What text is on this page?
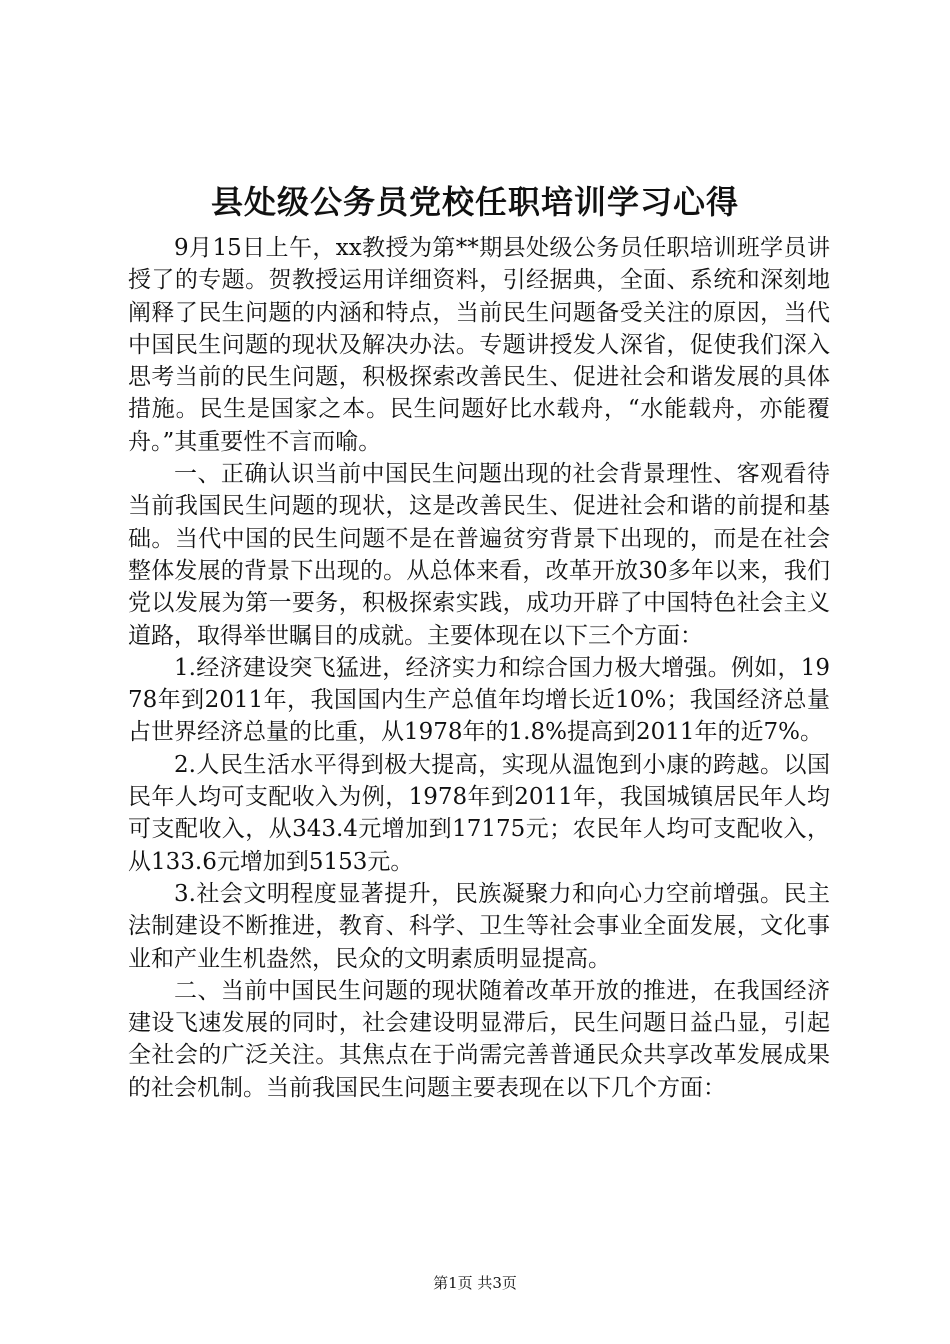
县处级公务员党校任职培训学习心得

9月15日上午，xx教授为第**期县处级公务员任职培训班学员讲授了的专题。贺教授运用详细资料，引经据典，全面、系统和深刻地阐释了民生问题的内涵和特点，当前民生问题备受关注的原因，当代中国民生问题的现状及解决办法。专题讲授发人深省，促使我们深入思考当前的民生问题，积极探索改善民生、促进社会和谐发展的具体措施。民生是国家之本。民生问题好比水载舟，“水能载舟，亦能覆舟。”其重要性不言而喻。

一、正确认识当前中国民生问题出现的社会背景理性、客观看待当前我国民生问题的现状，这是改善民生、促进社会和谐的前提和基础。当代中国的民生问题不是在普遍贫穷背景下出现的，而是在社会整体发展的背景下出现的。从总体来看，改革开放30多年以来，我们党以发展为第一要务，积极探索实践，成功开辟了中国特色社会主义道路，取得举世瞩目的成就。主要体现在以下三个方面：

1.经济建设突飞猛进，经济实力和综合国力极大增强。例如，1978年到2011年，我国国内生产总值年均增长近10%；我国经济总量占世界经济总量的比重，从1978年的1.8%提高到2011年的近7%。

2.人民生活水平得到极大提高，实现从温饱到小康的跨越。以国民年人均可支配收入为例，1978年到2011年，我国城镇居民年人均可支配收入，从343.4元增加到17175元；农民年人均可支配收入，从133.6元增加到5153元。

3.社会文明程度显著提升，民族凝聚力和向心力空前增强。民主法制建设不断推进，教育、科学、卫生等社会事业全面发展，文化事业和产业生机盎然，民众的文明素质明显提高。

二、当前中国民生问题的现状随着改革开放的推进，在我国经济建设飞速发展的同时，社会建设明显滞后，民生问题日益凸显，引起全社会的广泛关注。其焦点在于尚需完善普通民众共享改革发展成果的社会机制。当前我国民生问题主要表现在以下几个方面：

第1页 共3页
